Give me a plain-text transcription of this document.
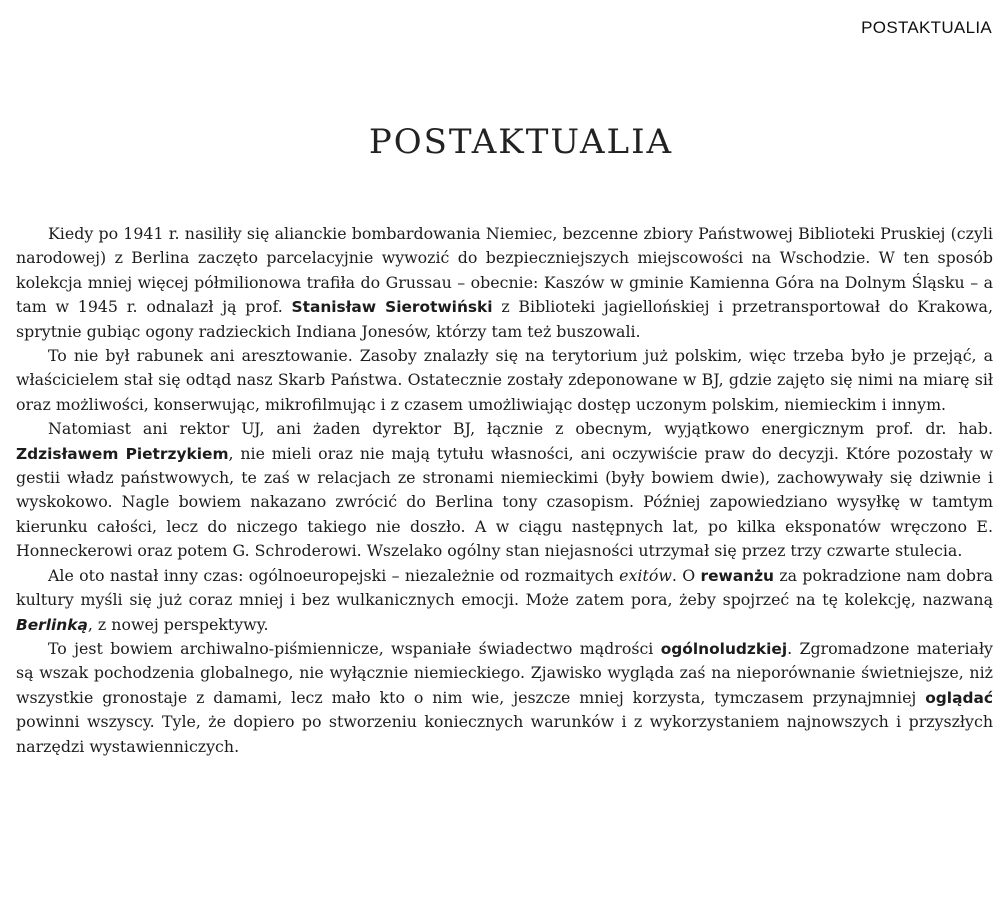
POSTAKTUALIA
POSTAKTUALIA

Kiedy po 1941 r. nasiliły się alianckie bombardowania Niemiec, bezcenne zbiory Państwowej Biblioteki Pruskiej (czyli narodowej) z Berlina zaczęto parcelacyjnie wywozić do bezpieczniejszych miejscowości na Wschodzie. W ten sposób kolekcja mniej więcej półmilionowa trafiła do Grussau – obecnie: Kaszów w gminie Kamienna Góra na Dolnym Śląsku – a tam w 1945 r. odnalazł ją prof. Stanisław Sierotwiński z Biblioteki jagiellońskiej i przetransportował do Krakowa, sprytnie gubiąc ogony radzieckich Indiana Jonesów, którzy tam też buszowali.

To nie był rabunek ani aresztowanie. Zasoby znalazły się na terytorium już polskim, więc trzeba było je przejąć, a właścicielem stał się odtąd nasz Skarb Państwa. Ostatecznie zostały zdeponowane w BJ, gdzie zajęto się nimi na miarę sił oraz możliwości, konserwując, mikrofilmując i z czasem umożliwiając dostęp uczonym polskim, niemieckim i innym.

Natomiast ani rektor UJ, ani żaden dyrektor BJ, łącznie z obecnym, wyjątkowo energicznym prof. dr. hab. Zdzisławem Pietrzykiem, nie mieli oraz nie mają tytułu własności, ani oczywiście praw do decyzji. Które pozostały w gestii władz państwowych, te zaś w relacjach ze stronami niemieckimi (były bowiem dwie), zachowywały się dziwnie i wyskokowo. Nagle bowiem nakazano zwrócić do Berlina tony czasopism. Później zapowiedziano wysyłkę w tamtym kierunku całości, lecz do niczego takiego nie doszło. A w ciągu następnych lat, po kilka eksponatów wręczono E. Honneckerowi oraz potem G. Schroderowi. Wszelako ogólny stan niejasności utrzymał się przez trzy czwarte stulecia.

Ale oto nastał inny czas: ogólnoeuropejski – niezależnie od rozmaitych exitów. O rewanżu za pokradzione nam dobra kultury myśli się już coraz mniej i bez wulkanicznych emocji. Może zatem pora, żeby spojrzeć na tę kolekcję, nazwaną Berlinką, z nowej perspektywy.

To jest bowiem archiwalno-piśmiennicze, wspaniałe świadectwo mądrości ogólnoludzkiej. Zgromadzone materiały są wszak pochodzenia globalnego, nie wyłącznie niemieckiego. Zjawisko wygląda zaś na nieporównanie świetniejsze, niż wszystkie gronostaje z damami, lecz mało kto o nim wie, jeszcze mniej korzysta, tymczasem przynajmniej oglądać powinni wszyscy. Tyle, że dopiero po stworzeniu koniecznych warunków i z wykorzystaniem najnowszych i przyszłych narzędzi wystawienniczych.
